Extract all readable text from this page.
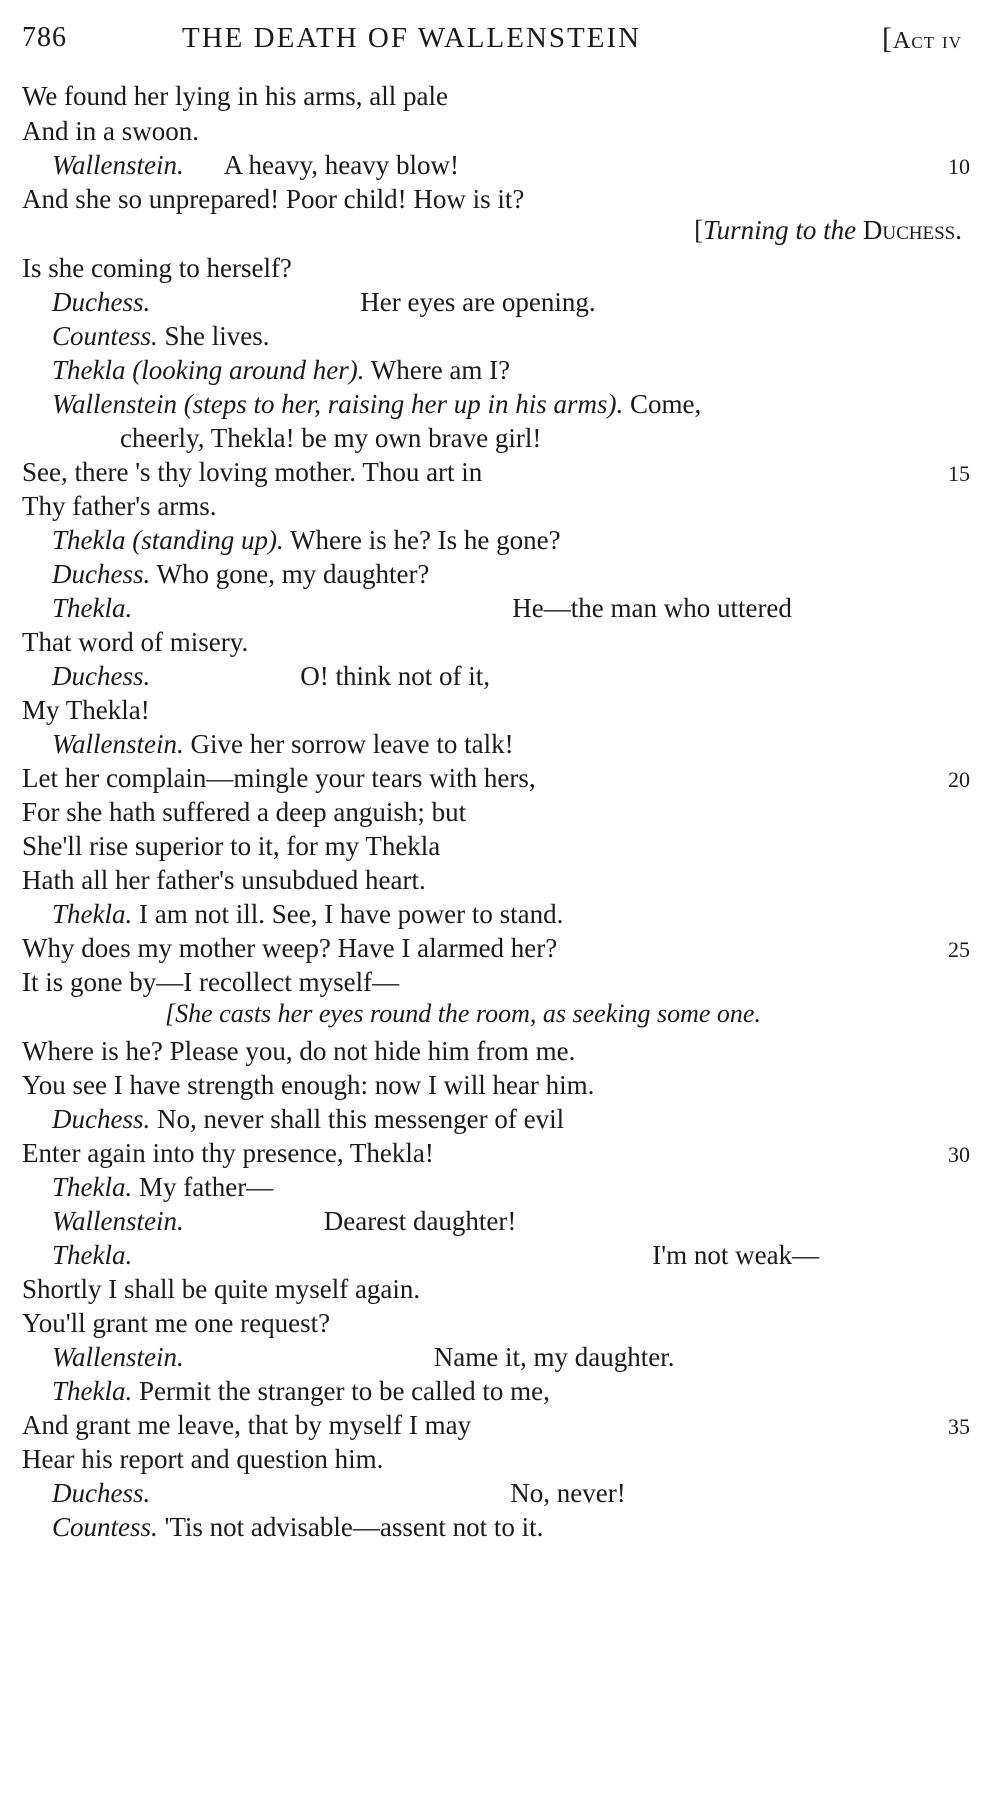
786	THE DEATH OF WALLENSTEIN	[Act iv
We found her lying in his arms, all pale
And in a swoon.
Wallenstein. A heavy, heavy blow!	10
And she so unprepared! Poor child! How is it?
[Turning to the Duchess.
Is she coming to herself?
Duchess.	Her eyes are opening.
Countess. She lives.
Thekla (looking around her). Where am I?
Wallenstein (steps to her, raising her up in his arms). Come,
cheerly, Thekla! be my own brave girl!
See, there 's thy loving mother. Thou art in	15
Thy father's arms.
Thekla (standing up). Where is he? Is he gone?
Duchess. Who gone, my daughter?
Thekla.	He—the man who uttered
That word of misery.
Duchess.	O! think not of it,
My Thekla!
Wallenstein. Give her sorrow leave to talk!
Let her complain—mingle your tears with hers,	20
For she hath suffered a deep anguish; but
She'll rise superior to it, for my Thekla
Hath all her father's unsubdued heart.
Thekla. I am not ill. See, I have power to stand.
Why does my mother weep? Have I alarmed her?	25
It is gone by—I recollect myself—
[She casts her eyes round the room, as seeking some one.
Where is he? Please you, do not hide him from me.
You see I have strength enough: now I will hear him.
Duchess. No, never shall this messenger of evil
Enter again into thy presence, Thekla!	30
Thekla. My father—
Wallenstein.	Dearest daughter!
Thekla.	I'm not weak—
Shortly I shall be quite myself again.
You'll grant me one request?
Wallenstein.	Name it, my daughter.
Thekla. Permit the stranger to be called to me,
And grant me leave, that by myself I may	35
Hear his report and question him.
Duchess.	No, never!
Countess. 'Tis not advisable—assent not to it.
